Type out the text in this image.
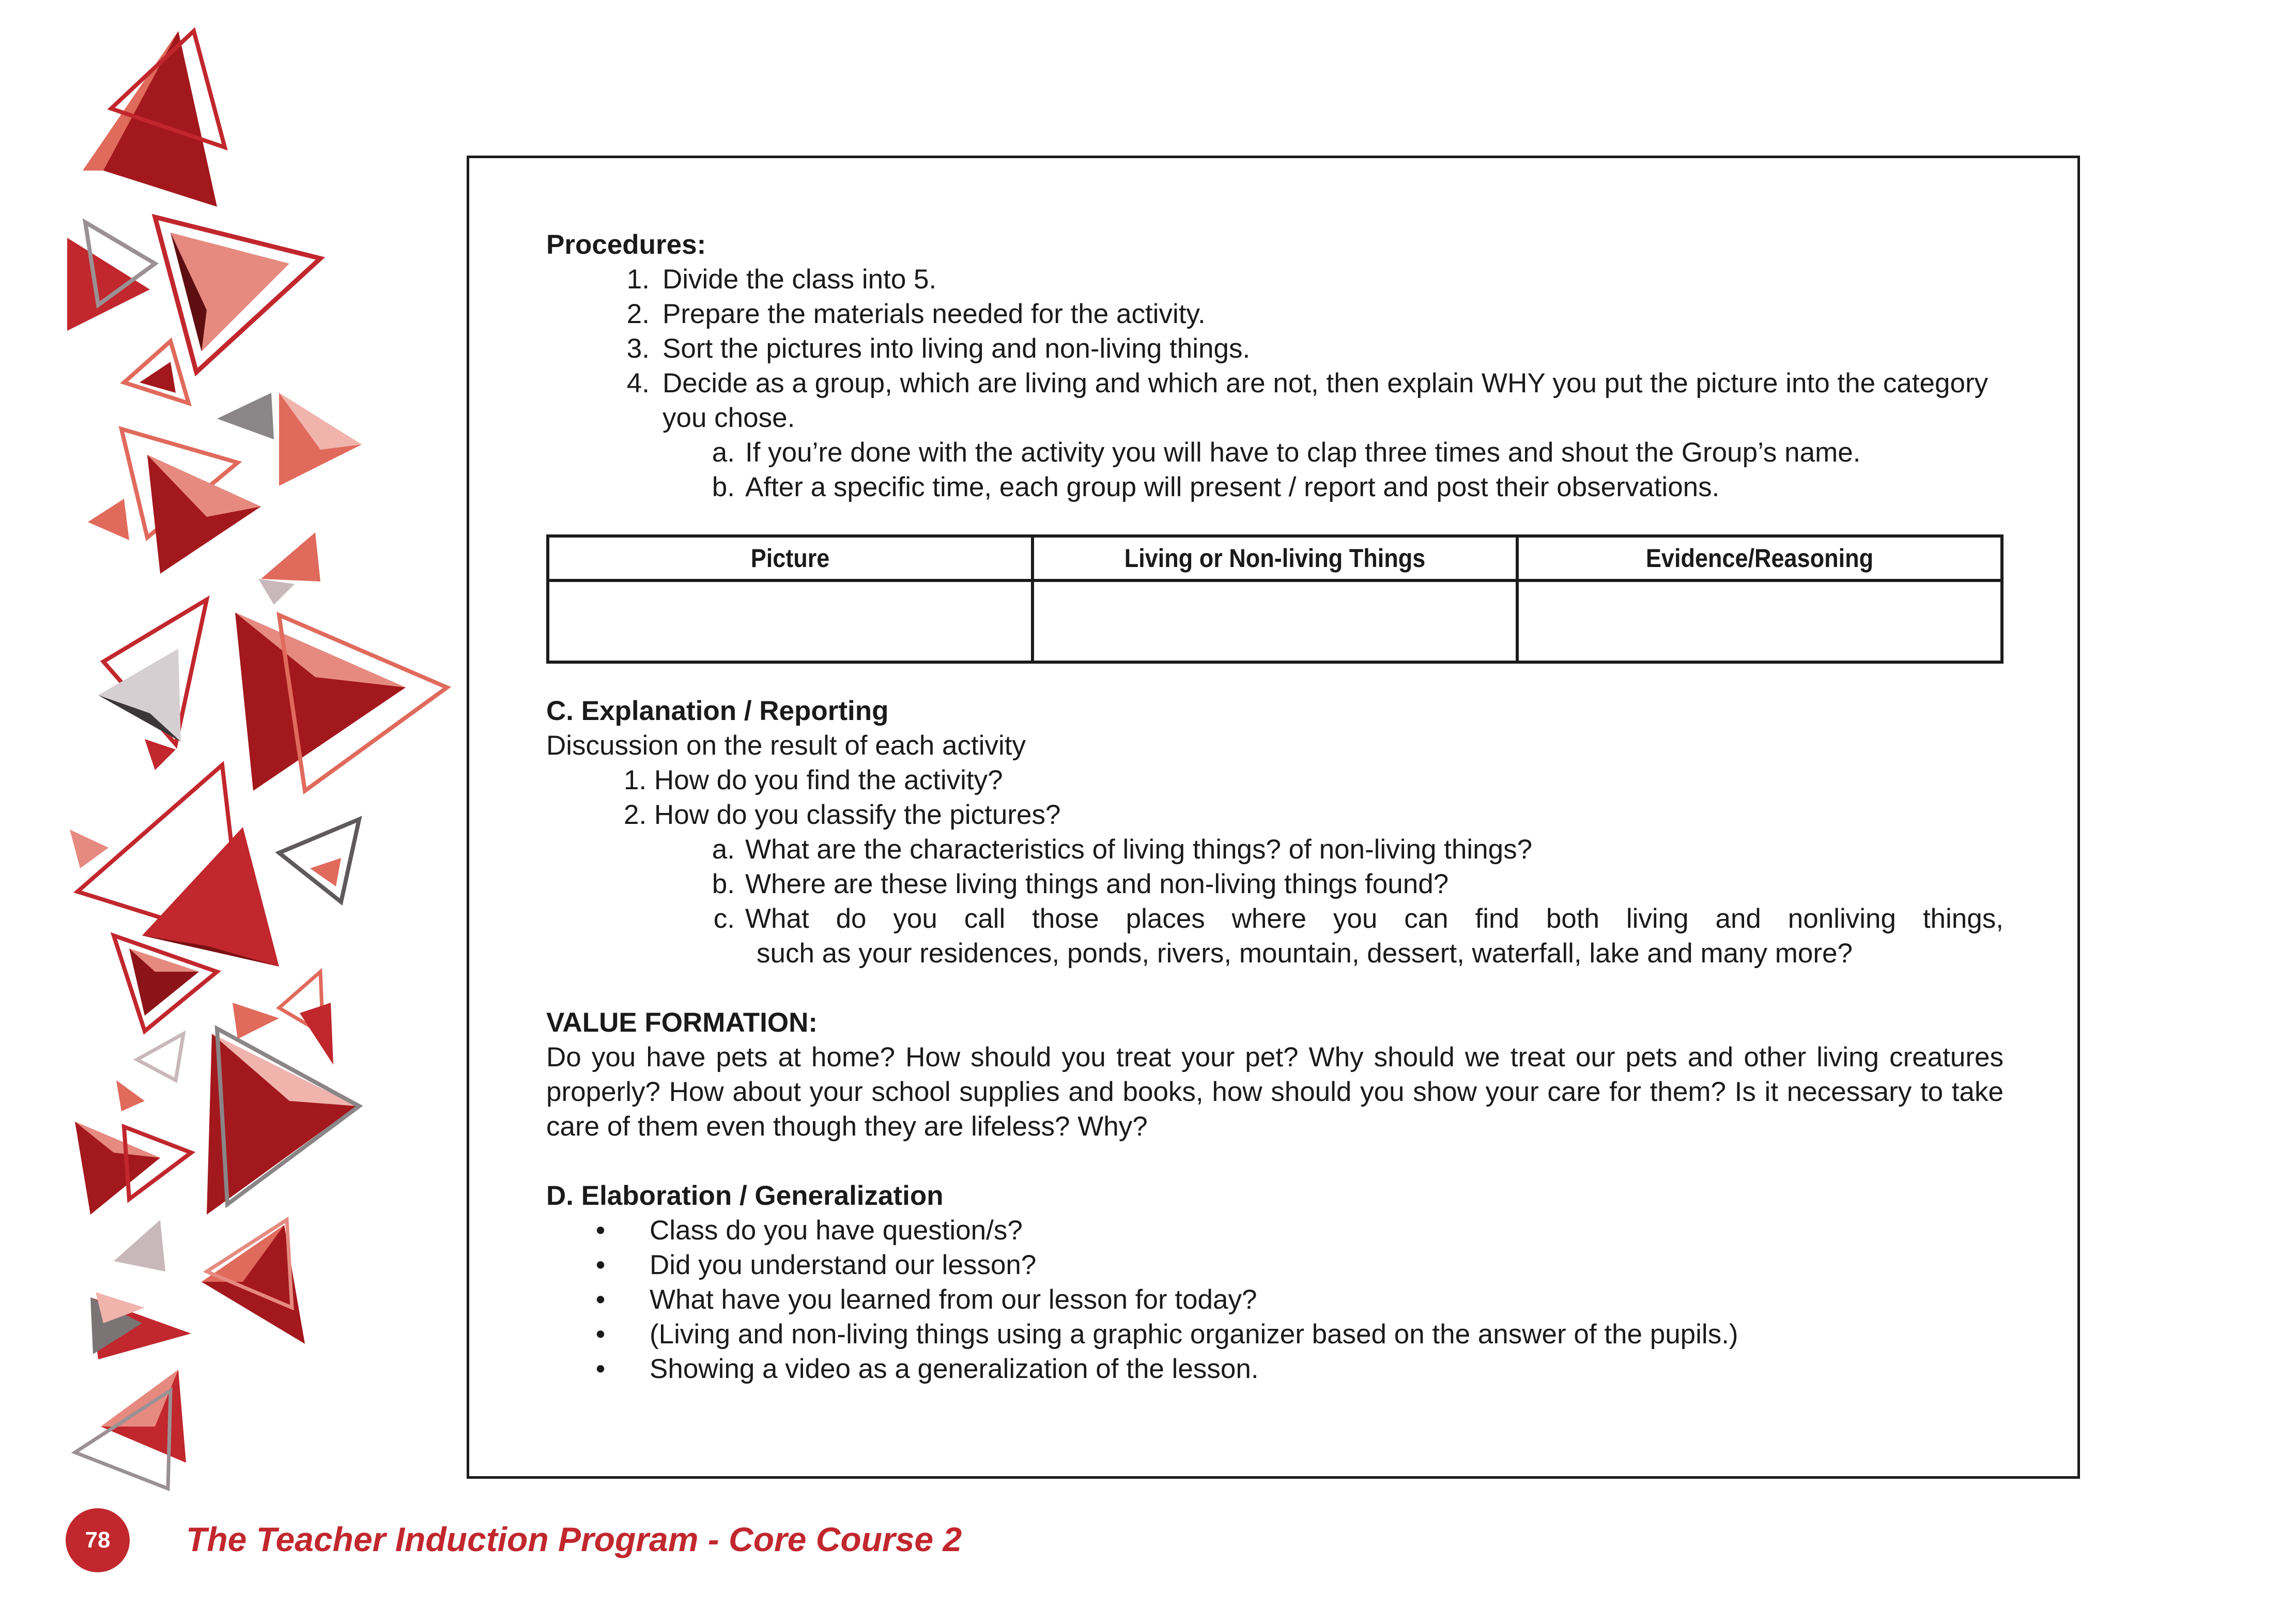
Procedures:
1. Divide the class into 5.
2. Prepare the materials needed for the activity.
3. Sort the pictures into living and non-living things.
4. Decide as a group, which are living and which are not, then explain WHY you put the picture into the category
you chose.
a. If you’re done with the activity you will have to clap three times and shout the Group’s name.
b. After a specific time, each group will present / report and post their observations.
Picture	Living or Non-living Things	Evidence/Reasoning

C. Explanation / Reporting
Discussion on the result of each activity
1. How do you find the activity?
2. How do you classify the pictures?
a. What are the characteristics of living things? of non-living things?
b. Where are these living things and non-living things found?
c. What do you call those places where you can find both living and nonliving things,
such as your residences, ponds, rivers, mountain, dessert, waterfall, lake and many more?
VALUE FORMATION:
Do you have pets at home? How should you treat your pet? Why should we treat our pets and other living creatures
properly? How about your school supplies and books, how should you show your care for them? Is it necessary to take
care of them even though they are lifeless? Why?
D. Elaboration / Generalization
• Class do you have question/s?
• Did you understand our lesson?
• What have you learned from our lesson for today?
• (Living and non-living things using a graphic organizer based on the answer of the pupils.)
• Showing a video as a generalization of the lesson.
78	The Teacher Induction Program - Core Course 2
